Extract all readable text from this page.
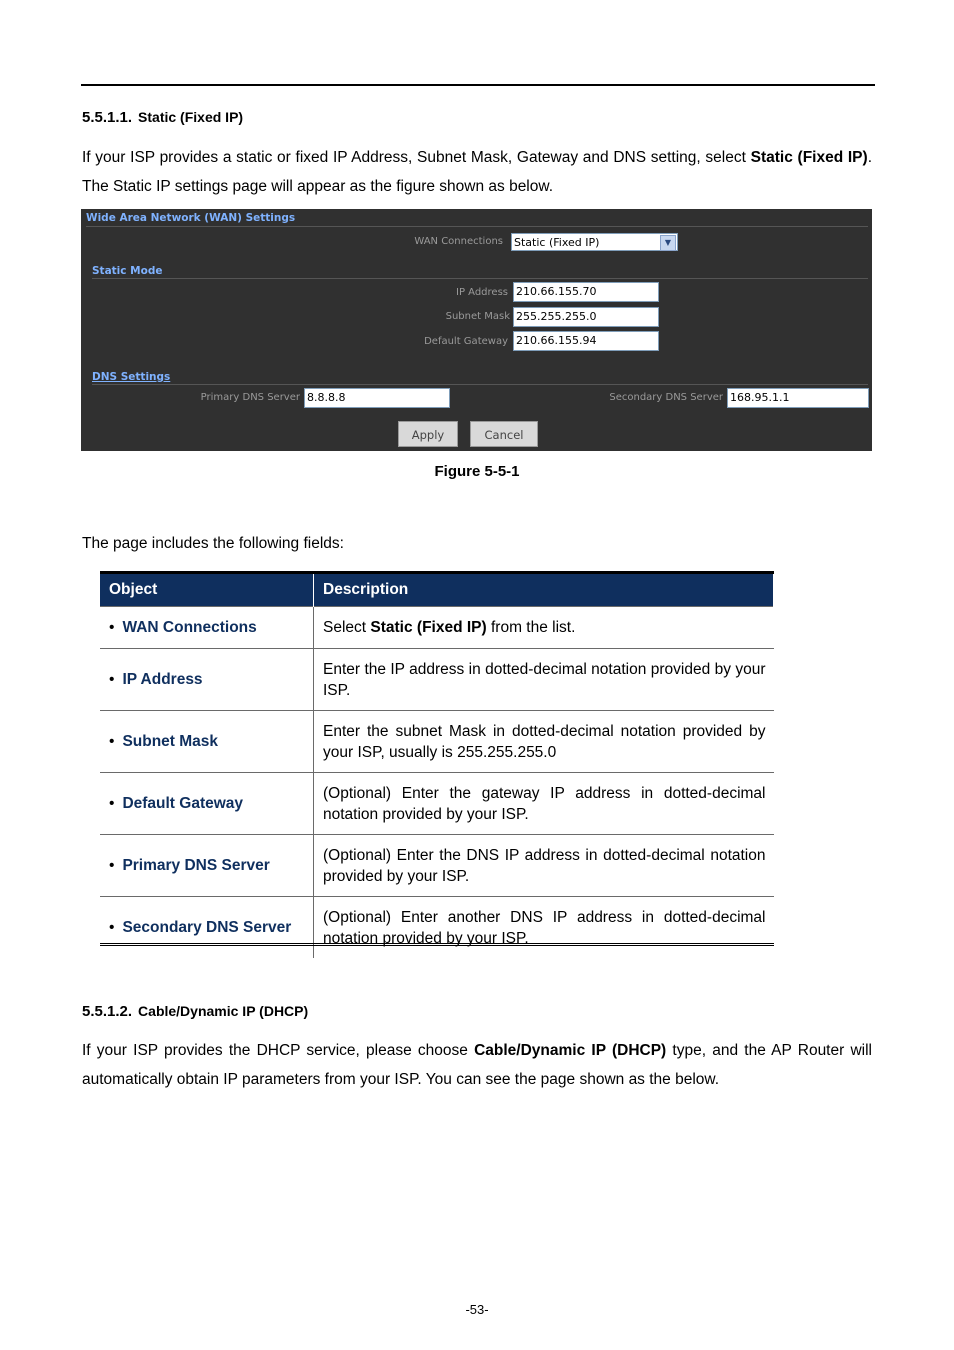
5.5.1.1. Static (Fixed IP)
If your ISP provides a static or fixed IP Address, Subnet Mask, Gateway and DNS setting, select Static (Fixed IP). The Static IP settings page will appear as the figure shown as below.
Wide Area Network (WAN) Settings
WAN Connections Static (Fixed IP)	▼
Static Mode
IP Address 210.66.155.70
Subnet Mask 255.255.255.0
Default Gateway 210.66.155.94
DNS Settings
Primary DNS Server 8.8.8.8	Secondary DNS Server 168.95.1.1
Apply	Cancel
Figure 5-5-1
The page includes the following fields:
Object	Description
• WAN Connections	Select Static (Fixed IP) from the list.
• IP Address	Enter the IP address in dotted-decimal notation provided by your ISP.
• Subnet Mask	Enter the subnet Mask in dotted-decimal notation provided by your ISP, usually is 255.255.255.0
• Default Gateway	(Optional) Enter the gateway IP address in dotted-decimal notation provided by your ISP.
• Primary DNS Server	(Optional) Enter the DNS IP address in dotted-decimal notation provided by your ISP.
• Secondary DNS Server	(Optional) Enter another DNS IP address in dotted-decimal notation provided by your ISP.
5.5.1.2. Cable/Dynamic IP (DHCP)
If your ISP provides the DHCP service, please choose Cable/Dynamic IP (DHCP) type, and the AP Router will automatically obtain IP parameters from your ISP. You can see the page shown as the below.
-53-
